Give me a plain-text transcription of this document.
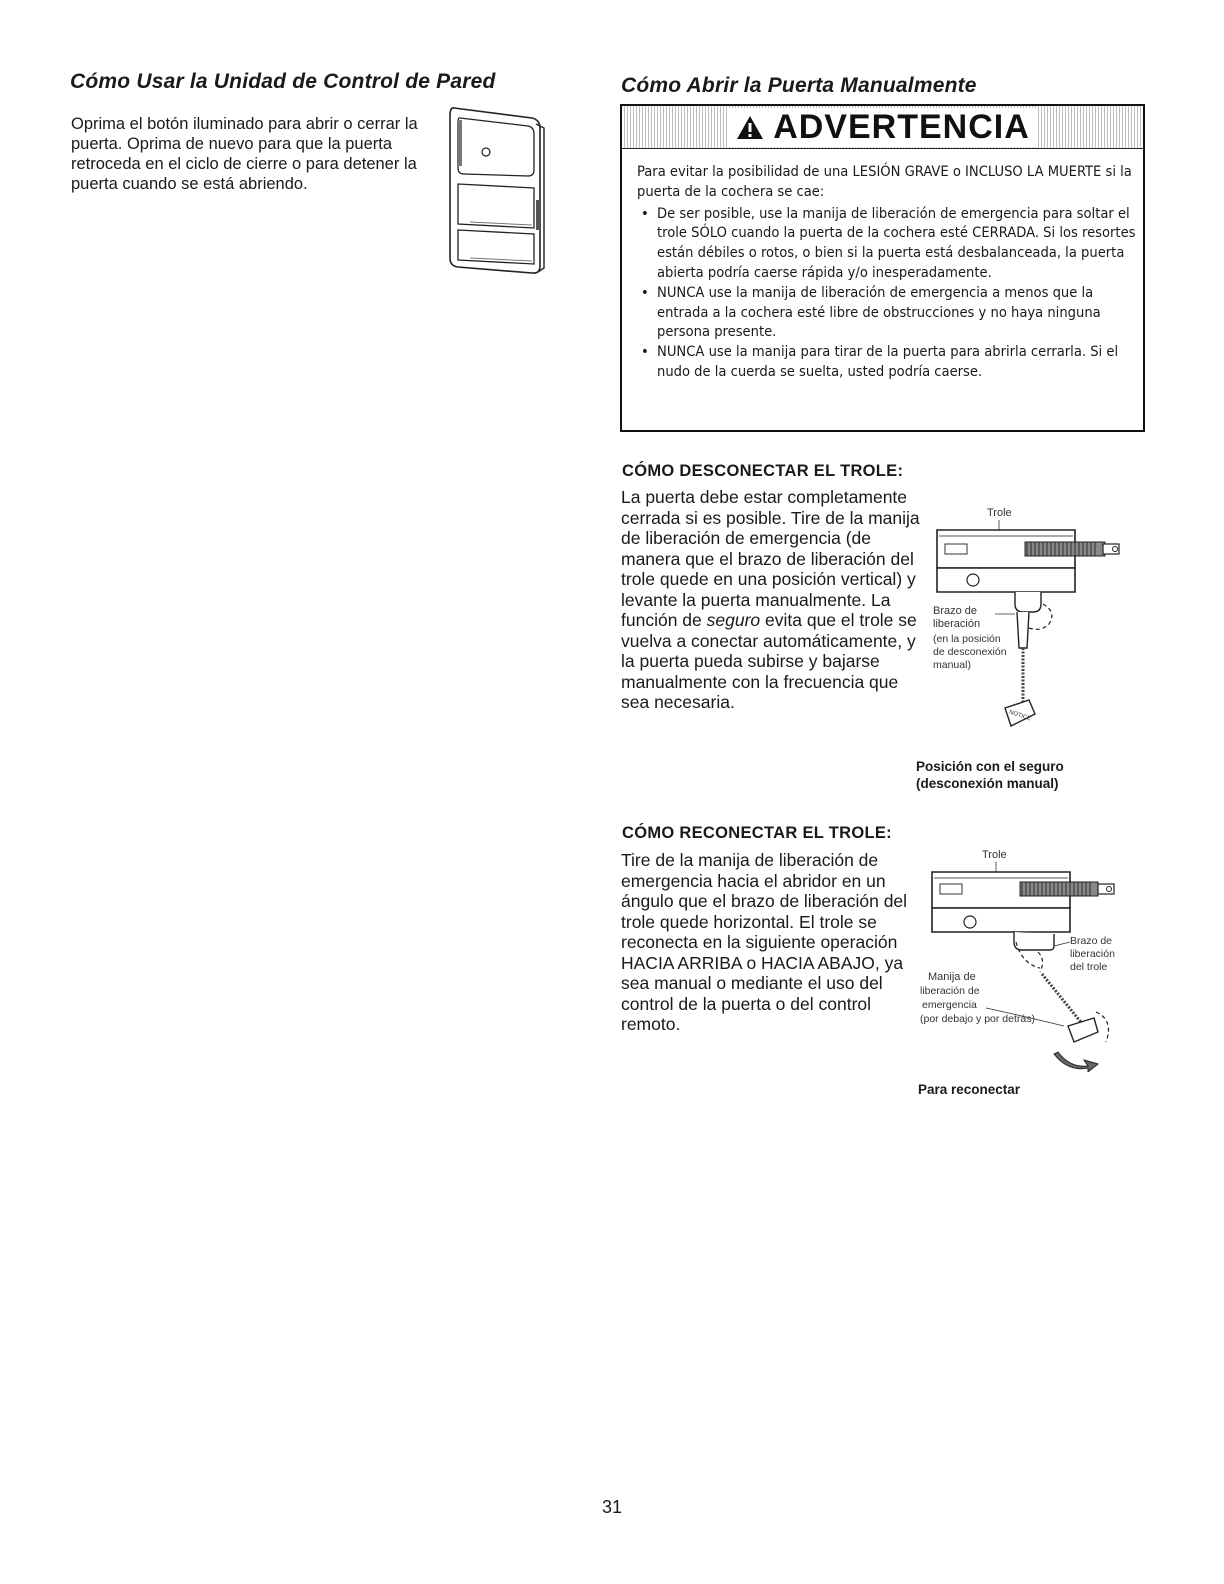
Cómo Usar la Unidad de Control de Pared
Oprima el botón iluminado para abrir o cerrar la puerta. Oprima de nuevo para que la puerta retroceda en el ciclo de cierre o para detener la puerta cuando se está abriendo.
Cómo Abrir la Puerta Manualmente
ADVERTENCIA

Para evitar la posibilidad de una LESIÓN GRAVE o INCLUSO LA MUERTE si la puerta de la cochera se cae:

• De ser posible, use la manija de liberación de emergencia para soltar el trole SÓLO cuando la puerta de la cochera esté CERRADA. Si los resortes están débiles o rotos, o bien si la puerta está desbalanceada, la puerta abierta podría caerse rápida y/o inesperadamente.
• NUNCA use la manija de liberación de emergencia a menos que la entrada a la cochera esté libre de obstrucciones y no haya ninguna persona presente.
• NUNCA use la manija para tirar de la puerta para abrirla cerrarla. Si el nudo de la cuerda se suelta, usted podría caerse.
CÓMO DESCONECTAR EL TROLE:
La puerta debe estar completamente cerrada si es posible. Tire de la manija de liberación de emergencia (de manera que el brazo de liberación del trole quede en una posición vertical) y levante la puerta manualmente. La función de seguro evita que el trole se vuelva a conectar automáticamente, y la puerta pueda subirse y bajarse manualmente con la frecuencia que sea necesaria.
Trole
NOTICE
Brazo de
liberación
(en la posición
de desconexión
manual)
Posición con el seguro
(desconexión manual)
CÓMO RECONECTAR EL TROLE:
Tire de la manija de liberación de emergencia hacia el abridor en un ángulo que el brazo de liberación del trole quede horizontal. El trole se reconecta en la siguiente operación HACIA ARRIBA o HACIA ABAJO, ya sea manual o mediante el uso del control de la puerta o del control remoto.
Trole
Brazo de
liberación
del trole
Manija de
liberación de
emergencia
(por debajo y por detrás)
Para reconectar
31
